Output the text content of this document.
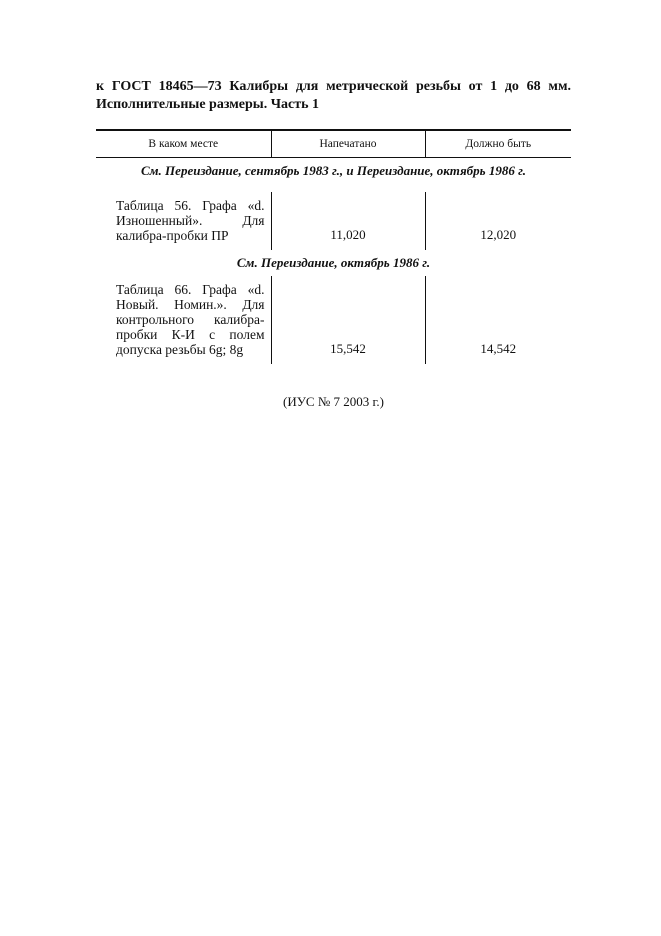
к ГОСТ 18465—73 Калибры для метрической резьбы от 1 до 68 мм. Исполнительные размеры. Часть 1

В каком месте	Напечатано	Должно быть
См. Переиздание, сентябрь 1983 г., и Переиздание, октябрь 1986 г.		

Таблица 56. Графа «d. Изношенный». Для калибра-пробки ПР	11,020	12,020
См. Переиздание, октябрь 1986 г.		
Таблица 66. Графа «d. Новый. Номин.». Для контрольного калибра-пробки К-И с полем допуска резьбы 6g; 8g	15,542	14,542

(ИУС № 7 2003 г.)
